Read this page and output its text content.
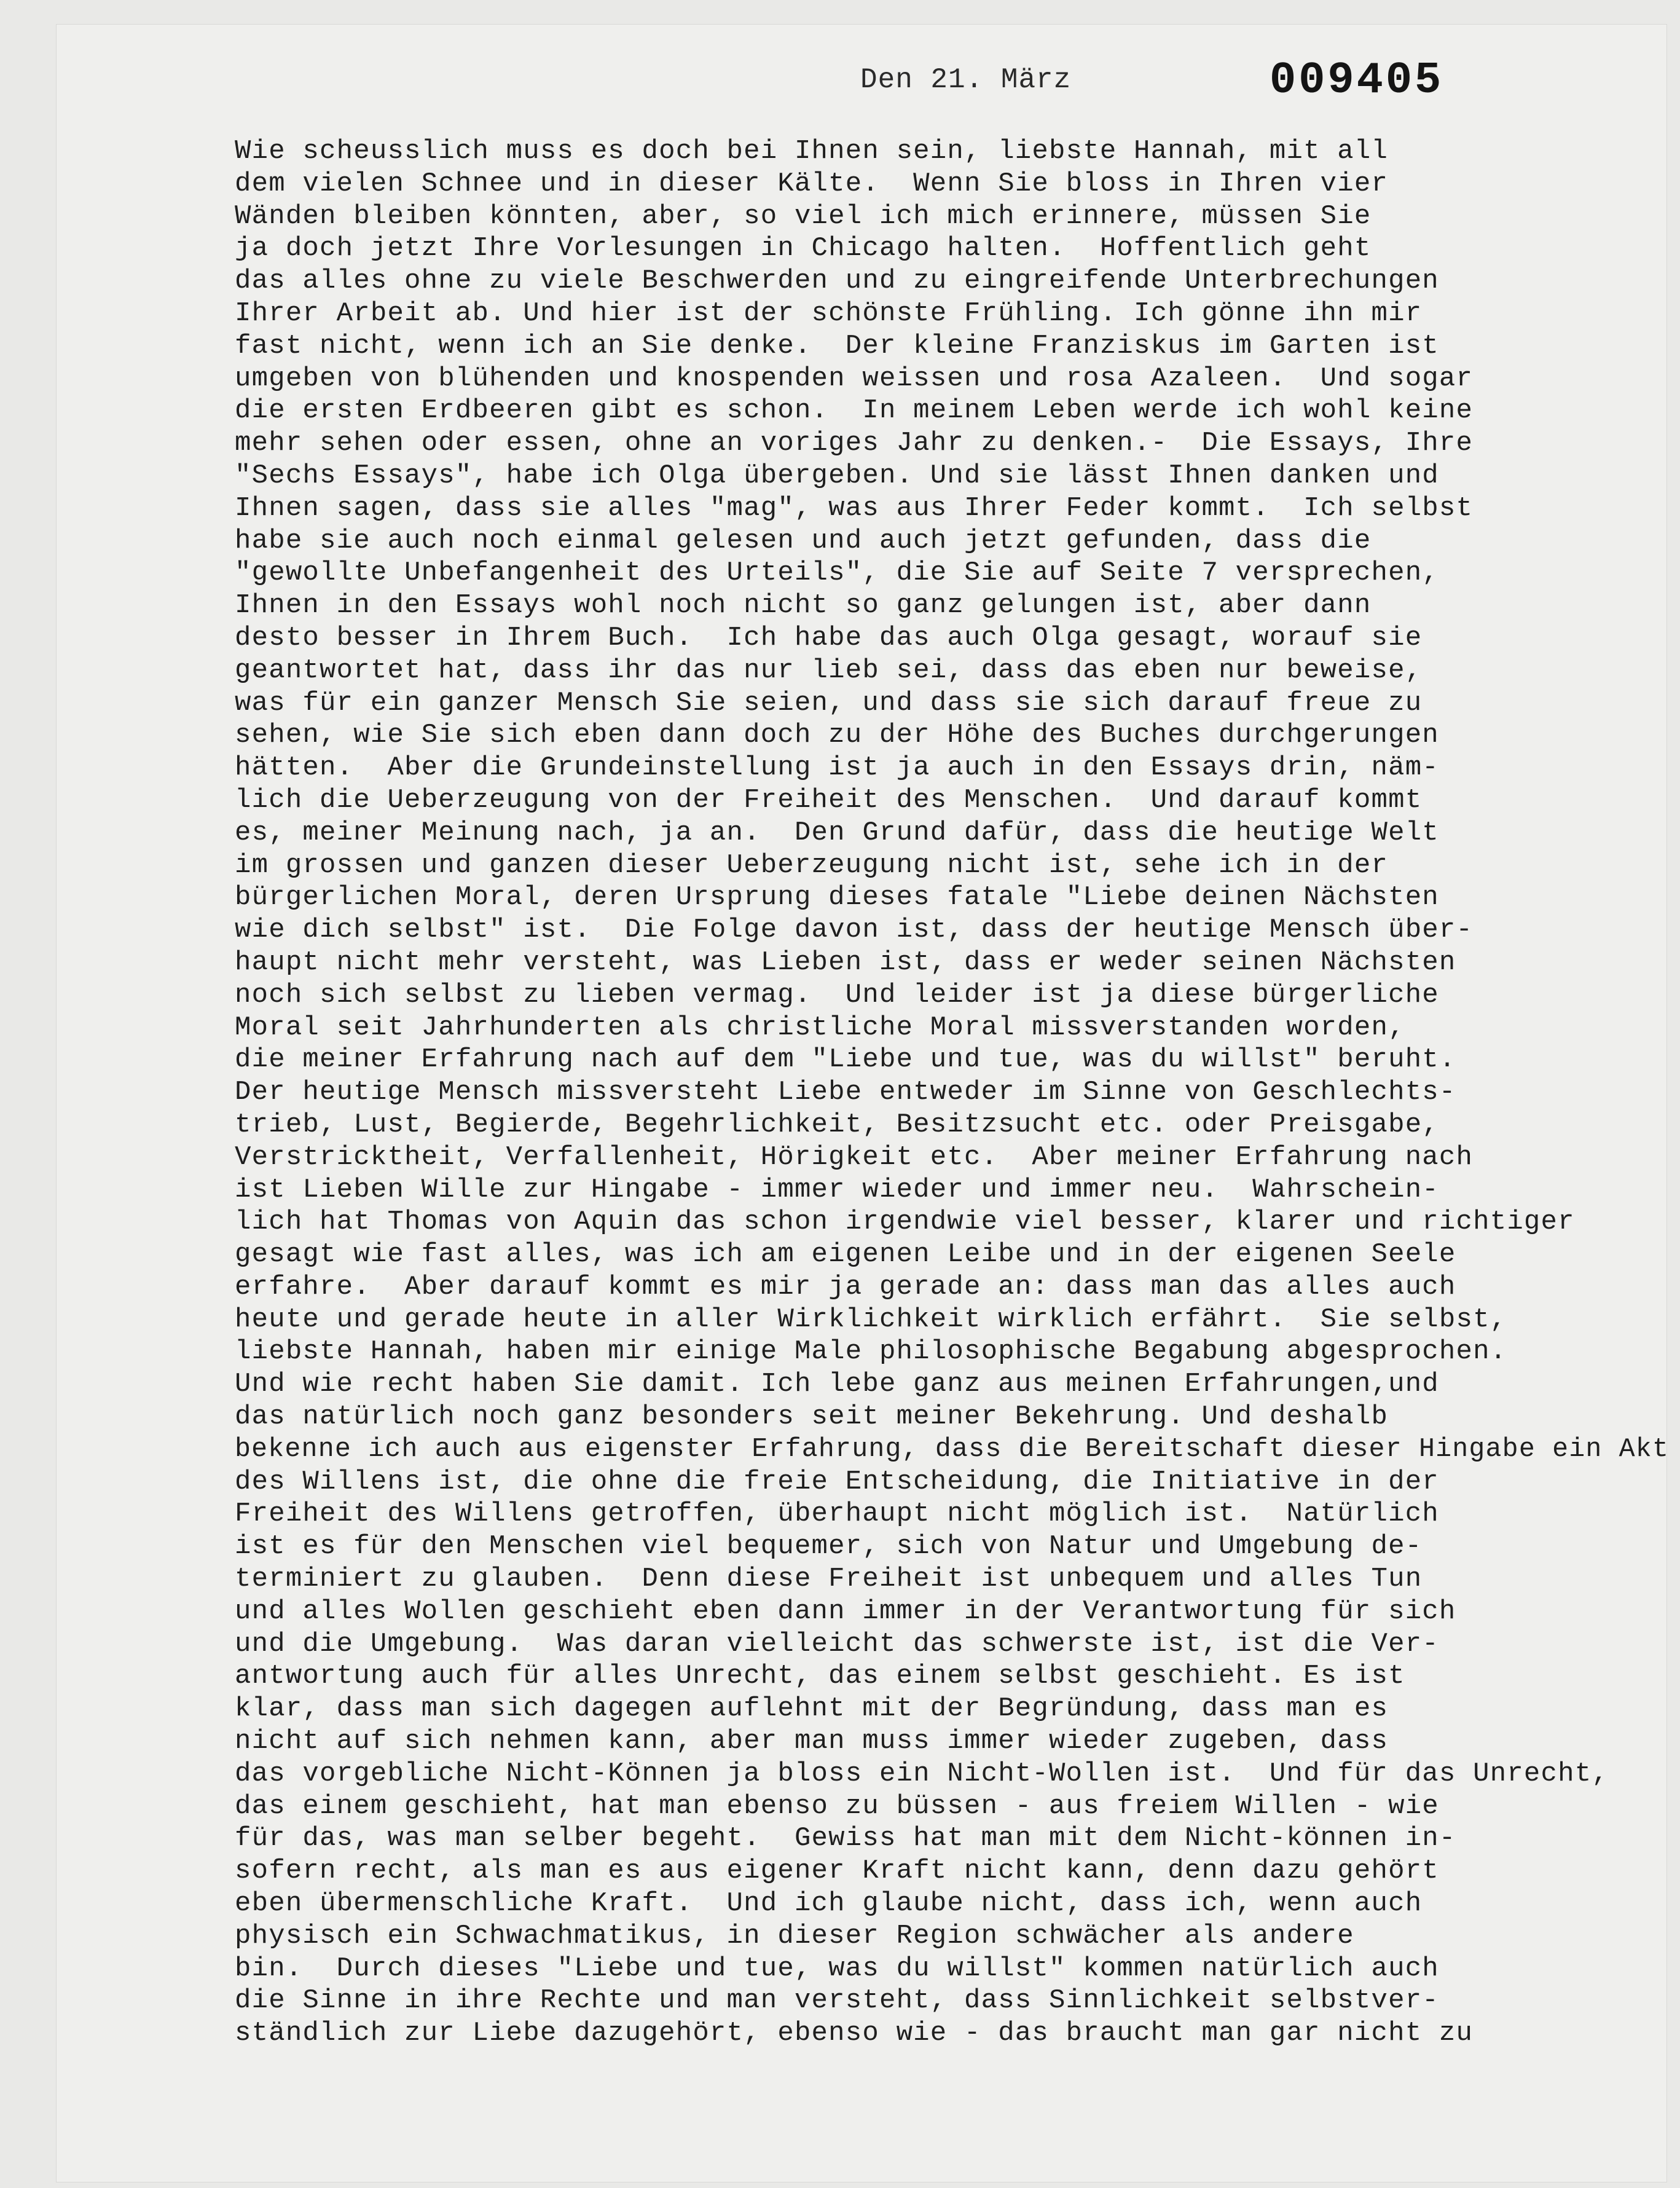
Den 21. März	009405
Wie scheusslich muss es doch bei Ihnen sein, liebste Hannah, mit all
dem vielen Schnee und in dieser Kälte.  Wenn Sie bloss in Ihren vier
Wänden bleiben könnten, aber, so viel ich mich erinnere, müssen Sie
ja doch jetzt Ihre Vorlesungen in Chicago halten.  Hoffentlich geht
das alles ohne zu viele Beschwerden und zu eingreifende Unterbrechungen
Ihrer Arbeit ab. Und hier ist der schönste Frühling. Ich gönne ihn mir
fast nicht, wenn ich an Sie denke.  Der kleine Franziskus im Garten ist
umgeben von blühenden und knospenden weissen und rosa Azaleen.  Und sogar
die ersten Erdbeeren gibt es schon.  In meinem Leben werde ich wohl keine
mehr sehen oder essen, ohne an voriges Jahr zu denken.-  Die Essays, Ihre
"Sechs Essays", habe ich Olga übergeben. Und sie lässt Ihnen danken und
Ihnen sagen, dass sie alles "mag", was aus Ihrer Feder kommt.  Ich selbst
habe sie auch noch einmal gelesen und auch jetzt gefunden, dass die
"gewollte Unbefangenheit des Urteils", die Sie auf Seite 7 versprechen,
Ihnen in den Essays wohl noch nicht so ganz gelungen ist, aber dann
desto besser in Ihrem Buch.  Ich habe das auch Olga gesagt, worauf sie
geantwortet hat, dass ihr das nur lieb sei, dass das eben nur beweise,
was für ein ganzer Mensch Sie seien, und dass sie sich darauf freue zu
sehen, wie Sie sich eben dann doch zu der Höhe des Buches durchgerungen
hätten.  Aber die Grundeinstellung ist ja auch in den Essays drin, näm-
lich die Ueberzeugung von der Freiheit des Menschen.  Und darauf kommt
es, meiner Meinung nach, ja an.  Den Grund dafür, dass die heutige Welt
im grossen und ganzen dieser Ueberzeugung nicht ist, sehe ich in der
bürgerlichen Moral, deren Ursprung dieses fatale "Liebe deinen Nächsten
wie dich selbst" ist.  Die Folge davon ist, dass der heutige Mensch über-
haupt nicht mehr versteht, was Lieben ist, dass er weder seinen Nächsten
noch sich selbst zu lieben vermag.  Und leider ist ja diese bürgerliche
Moral seit Jahrhunderten als christliche Moral missverstanden worden,
die meiner Erfahrung nach auf dem "Liebe und tue, was du willst" beruht.
Der heutige Mensch missversteht Liebe entweder im Sinne von Geschlechts-
trieb, Lust, Begierde, Begehrlichkeit, Besitzsucht etc. oder Preisgabe,
Verstricktheit, Verfallenheit, Hörigkeit etc.  Aber meiner Erfahrung nach
ist Lieben Wille zur Hingabe - immer wieder und immer neu.  Wahrschein-
lich hat Thomas von Aquin das schon irgendwie viel besser, klarer und richtiger
gesagt wie fast alles, was ich am eigenen Leibe und in der eigenen Seele
erfahre.  Aber darauf kommt es mir ja gerade an: dass man das alles auch
heute und gerade heute in aller Wirklichkeit wirklich erfährt.  Sie selbst,
liebste Hannah, haben mir einige Male philosophische Begabung abgesprochen.
Und wie recht haben Sie damit. Ich lebe ganz aus meinen Erfahrungen,und
das natürlich noch ganz besonders seit meiner Bekehrung. Und deshalb
bekenne ich auch aus eigenster Erfahrung, dass die Bereitschaft dieser Hingabe ein Akt
des Willens ist, die ohne die freie Entscheidung, die Initiative in der
Freiheit des Willens getroffen, überhaupt nicht möglich ist.  Natürlich
ist es für den Menschen viel bequemer, sich von Natur und Umgebung de-
terminiert zu glauben.  Denn diese Freiheit ist unbequem und alles Tun
und alles Wollen geschieht eben dann immer in der Verantwortung für sich
und die Umgebung.  Was daran vielleicht das schwerste ist, ist die Ver-
antwortung auch für alles Unrecht, das einem selbst geschieht. Es ist
klar, dass man sich dagegen auflehnt mit der Begründung, dass man es
nicht auf sich nehmen kann, aber man muss immer wieder zugeben, dass
das vorgebliche Nicht-Können ja bloss ein Nicht-Wollen ist.  Und für das Unrecht,
das einem geschieht, hat man ebenso zu büssen - aus freiem Willen - wie
für das, was man selber begeht.  Gewiss hat man mit dem Nicht-können in-
sofern recht, als man es aus eigener Kraft nicht kann, denn dazu gehört
eben übermenschliche Kraft.  Und ich glaube nicht, dass ich, wenn auch
physisch ein Schwachmatikus, in dieser Region schwächer als andere
bin.  Durch dieses "Liebe und tue, was du willst" kommen natürlich auch
die Sinne in ihre Rechte und man versteht, dass Sinnlichkeit selbstver-
ständlich zur Liebe dazugehört, ebenso wie - das braucht man gar nicht zu
